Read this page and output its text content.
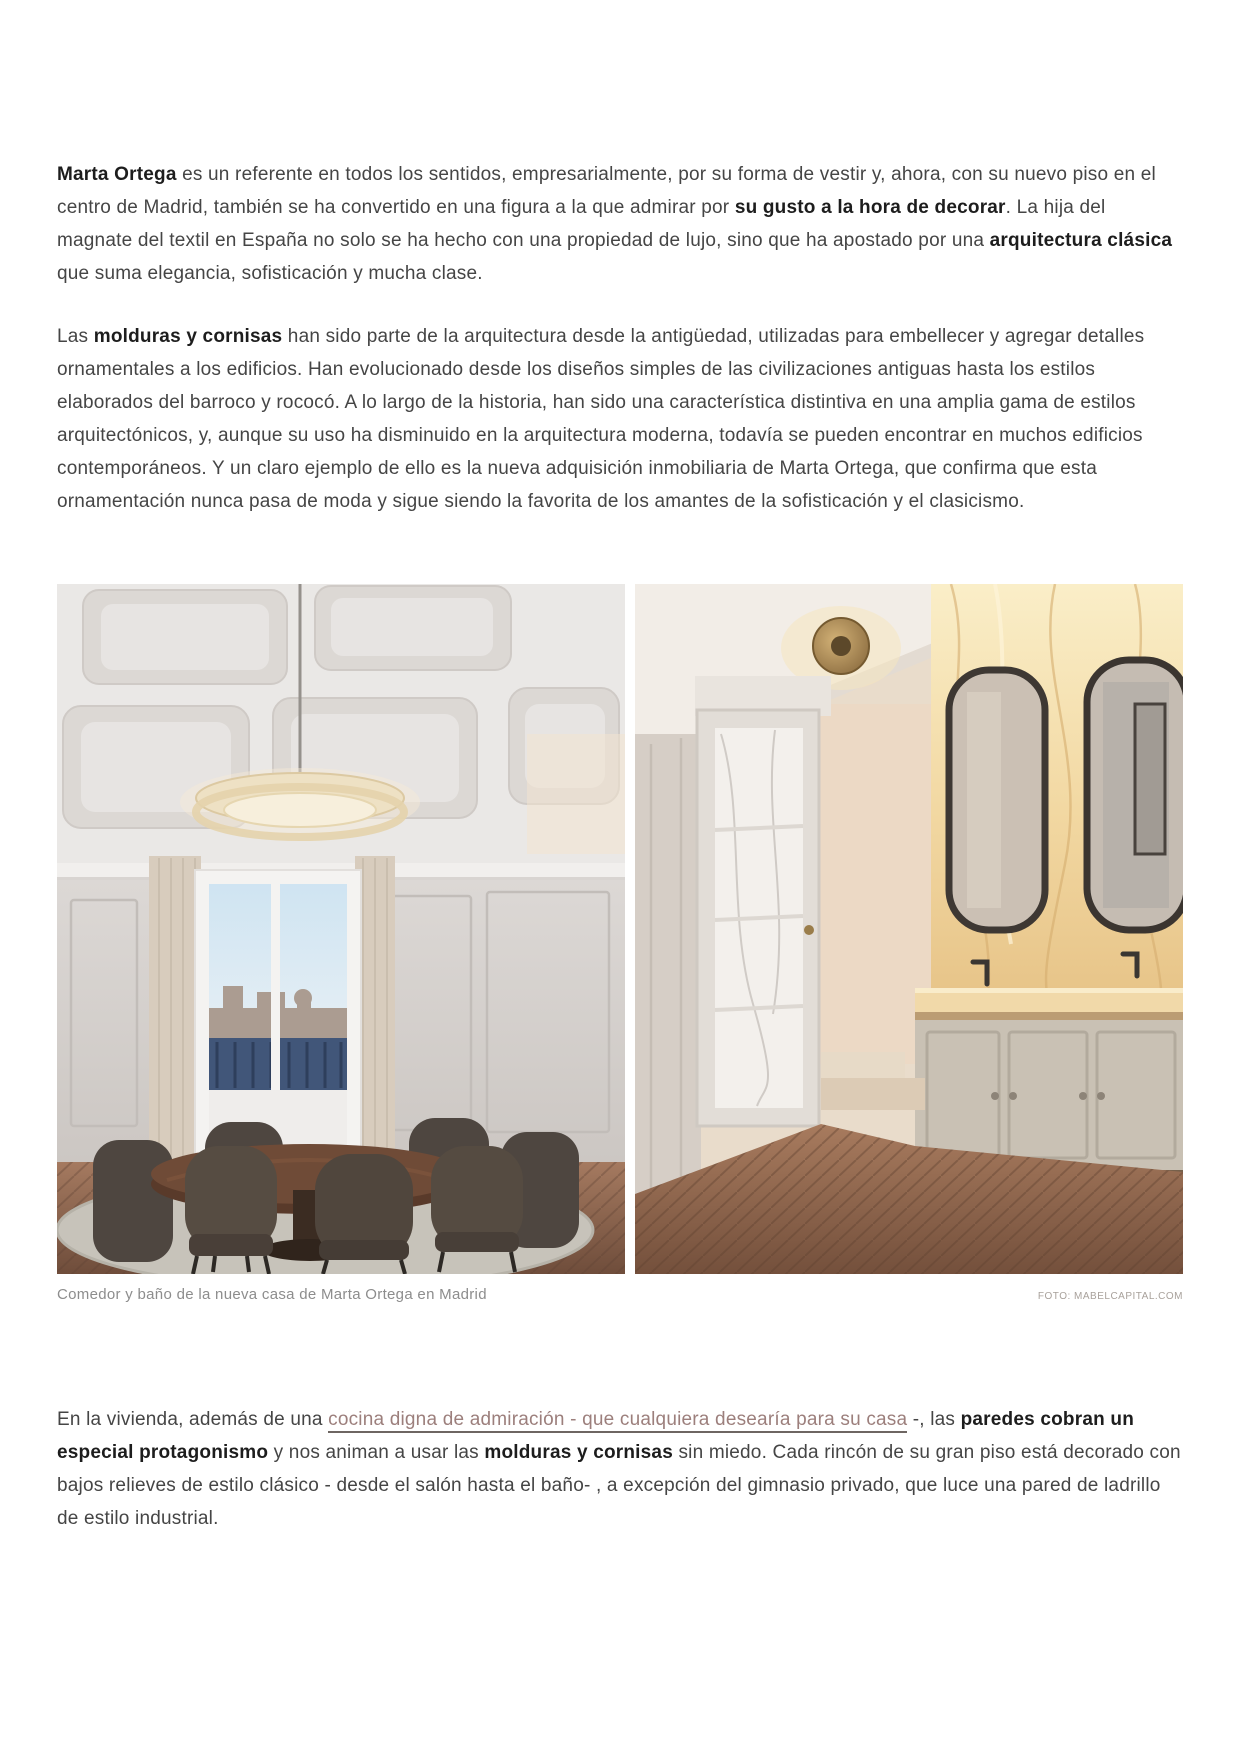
Marta Ortega es un referente en todos los sentidos, empresarialmente, por su forma de vestir y, ahora, con su nuevo piso en el centro de Madrid, también se ha convertido en una figura a la que admirar por su gusto a la hora de decorar. La hija del magnate del textil en España no solo se ha hecho con una propiedad de lujo, sino que ha apostado por una arquitectura clásica que suma elegancia, sofisticación y mucha clase.

Las molduras y cornisas han sido parte de la arquitectura desde la antigüedad, utilizadas para embellecer y agregar detalles ornamentales a los edificios. Han evolucionado desde los diseños simples de las civilizaciones antiguas hasta los estilos elaborados del barroco y rococó. A lo largo de la historia, han sido una característica distintiva en una amplia gama de estilos arquitectónicos, y, aunque su uso ha disminuido en la arquitectura moderna, todavía se pueden encontrar en muchos edificios contemporáneos. Y un claro ejemplo de ello es la nueva adquisición inmobiliaria de Marta Ortega, que confirma que esta ornamentación nunca pasa de moda y sigue siendo la favorita de los amantes de la sofisticación y el clasicismo.

Comedor y baño de la nueva casa de Marta Ortega en Madrid	FOTO: MABELCAPITAL.COM

En la vivienda, además de una cocina digna de admiración - que cualquiera desearía para su casa -, las paredes cobran un especial protagonismo y nos animan a usar las molduras y cornisas sin miedo. Cada rincón de su gran piso está decorado con bajos relieves de estilo clásico - desde el salón hasta el baño- , a excepción del gimnasio privado, que luce una pared de ladrillo de estilo industrial.
